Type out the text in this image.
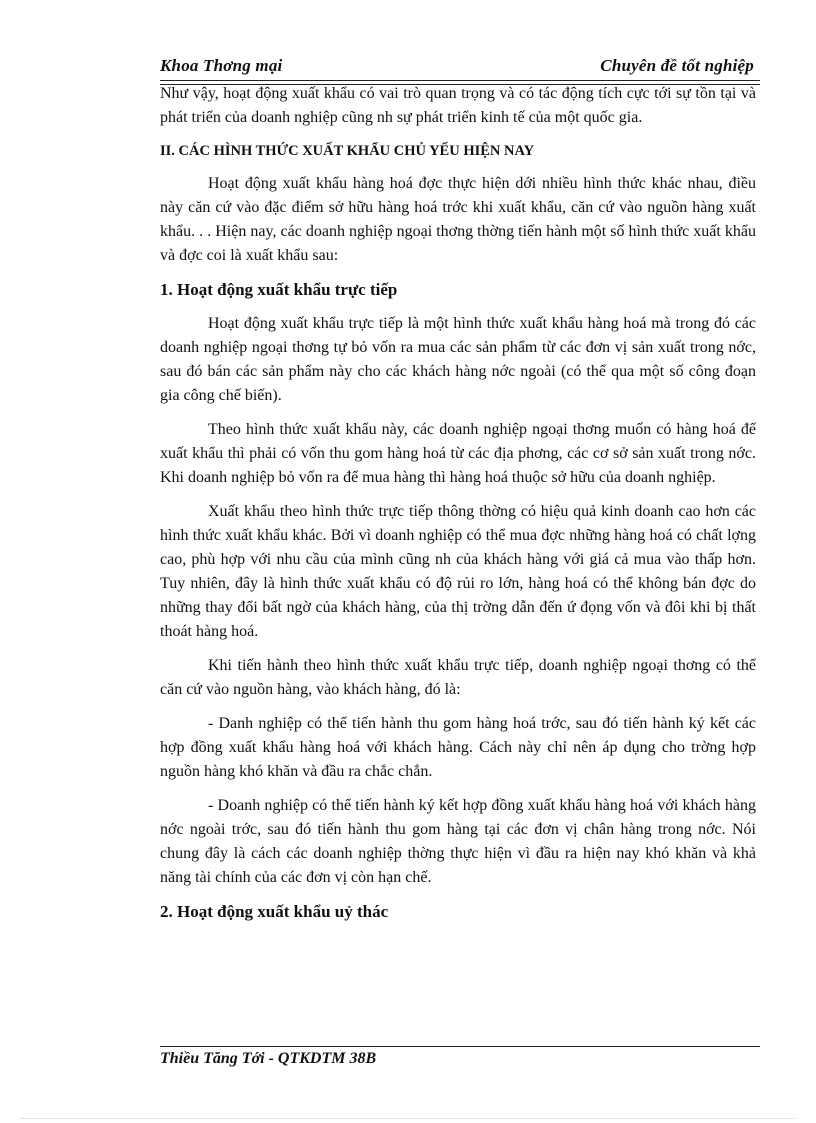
Khoa Thơng mại	Chuyên đề tốt nghiệp

Như vậy, hoạt động xuất khẩu có vai trò quan trọng và có tác động tích cực tới sự tồn tại và phát triển của doanh nghiệp cũng nh sự phát triển kinh tế của một quốc gia.

II. CÁC HÌNH THỨC XUẤT KHẨU CHỦ YẾU HIỆN NAY

Hoạt động xuất khẩu hàng hoá đợc thực hiện dới nhiều hình thức khác nhau, điều này căn cứ vào đặc điểm sở hữu hàng hoá trớc khi xuất khẩu, căn cứ vào nguồn hàng xuất khẩu. . . Hiện nay, các doanh nghiệp ngoại thơng thờng tiến hành một số hình thức xuất khẩu và đợc coi là xuất khẩu sau:

1. Hoạt động xuất khẩu trực tiếp

Hoạt động xuất khẩu trực tiếp là một hình thức xuất khẩu hàng hoá mà trong đó các doanh nghiệp ngoại thơng tự bỏ vốn ra mua các sản phẩm từ các đơn vị sản xuất trong nớc, sau đó bán các sản phẩm này cho các khách hàng nớc ngoài (có thể qua một số công đoạn gia công chế biến).

Theo hình thức xuất khẩu này, các doanh nghiệp ngoại thơng muốn có hàng hoá để xuất khẩu thì phải có vốn thu gom hàng hoá từ các địa phơng, các cơ sở sản xuất trong nớc. Khi doanh nghiệp bỏ vốn ra để mua hàng thì hàng hoá thuộc sở hữu của doanh nghiệp.

Xuất khẩu theo hình thức trực tiếp thông thờng có hiệu quả kinh doanh cao hơn các hình thức xuất khẩu khác. Bởi vì doanh nghiệp có thể mua đợc những hàng hoá có chất lợng cao, phù hợp với nhu cầu của mình cũng nh của khách hàng với giá cả mua vào thấp hơn. Tuy nhiên, đây là hình thức xuất khẩu có độ rủi ro lớn, hàng hoá có thể không bán đợc do những thay đổi bất ngờ của khách hàng, của thị trờng dẫn đến ứ đọng vốn và đôi khi bị thất thoát hàng hoá.

Khi tiến hành theo hình thức xuất khẩu trực tiếp, doanh nghiệp ngoại thơng có thể căn cứ vào nguồn hàng, vào khách hàng, đó là:

- Danh nghiệp có thể tiến hành thu gom hàng hoá trớc, sau đó tiến hành ký kết các hợp đồng xuất khẩu hàng hoá với khách hàng. Cách này chỉ nên áp dụng cho trờng hợp nguồn hàng khó khăn và đầu ra chắc chắn.

- Doanh nghiệp có thể tiến hành ký kết hợp đồng xuất khẩu hàng hoá với khách hàng nớc ngoài trớc, sau đó tiến hành thu gom hàng tại các đơn vị chân hàng trong nớc. Nói chung đây là cách các doanh nghiệp thờng thực hiện vì đầu ra hiện nay khó khăn và khả năng tài chính của các đơn vị còn hạn chế.

2. Hoạt động xuất khẩu uỷ thác
Thiều Tăng Tới - QTKDTM 38B
